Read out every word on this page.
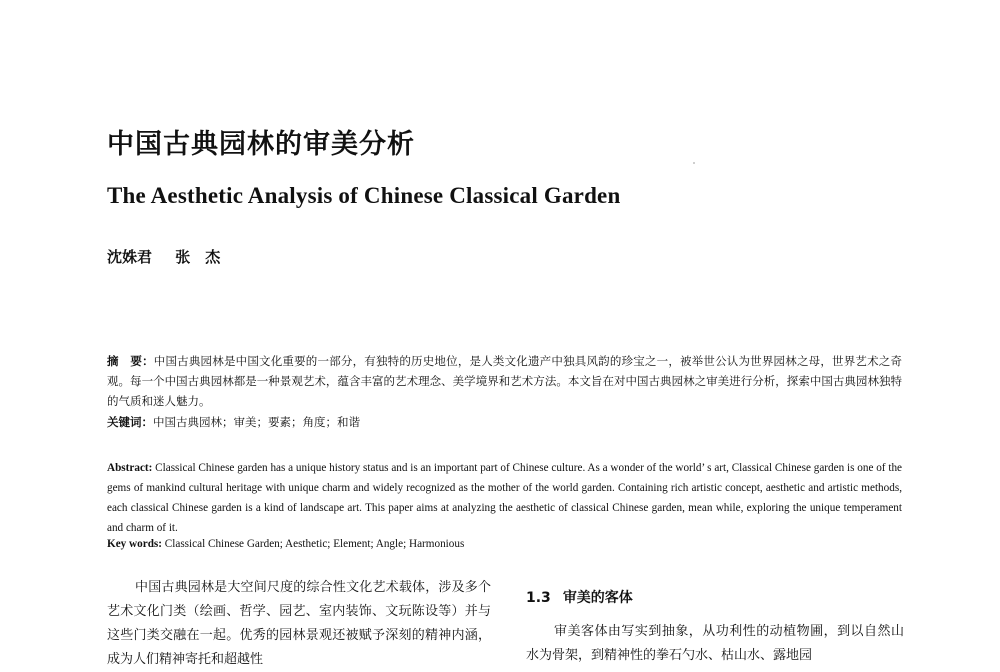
中国古典园林的审美分析
The Aesthetic Analysis of Chinese Classical Garden
沈姝君 张　杰
摘　要：中国古典园林是中国文化重要的一部分，有独特的历史地位，是人类文化遗产中独具风韵的珍宝之一，被举世公认为世界园林之母，世界艺术之奇观。每一个中国古典园林都是一种景观艺术，蕴含丰富的艺术理念、美学境界和艺术方法。本文旨在对中国古典园林之审美进行分析，探索中国古典园林独特的气质和迷人魅力。
关键词：中国古典园林；审美；要素；角度；和谐
Abstract: Classical Chinese garden has a unique history status and is an important part of Chinese culture. As a wonder of the world’ s art, Classical Chinese garden is one of the gems of mankind cultural heritage with unique charm and widely recognized as the mother of the world garden. Containing rich artistic concept, aesthetic and artistic methods, each classical Chinese garden is a kind of landscape art. This paper aims at analyzing the aesthetic of classical Chinese garden, mean while, exploring the unique temperament and charm of it.
Key words: Classical Chinese Garden; Aesthetic; Element; Angle; Harmonious
中国古典园林是大空间尺度的综合性文化艺术载体，涉及多个艺术文化门类（绘画、哲学、园艺、室内装饰、文玩陈设等）并与这些门类交融在一起。优秀的园林景观还被赋予深刻的精神内涵，成为人们精神寄托和超越性
1.3 审美的客体
审美客体由写实到抽象，从功利性的动植物圃，到以自然山水为骨架，到精神性的拳石勺水、枯山水、露地园
